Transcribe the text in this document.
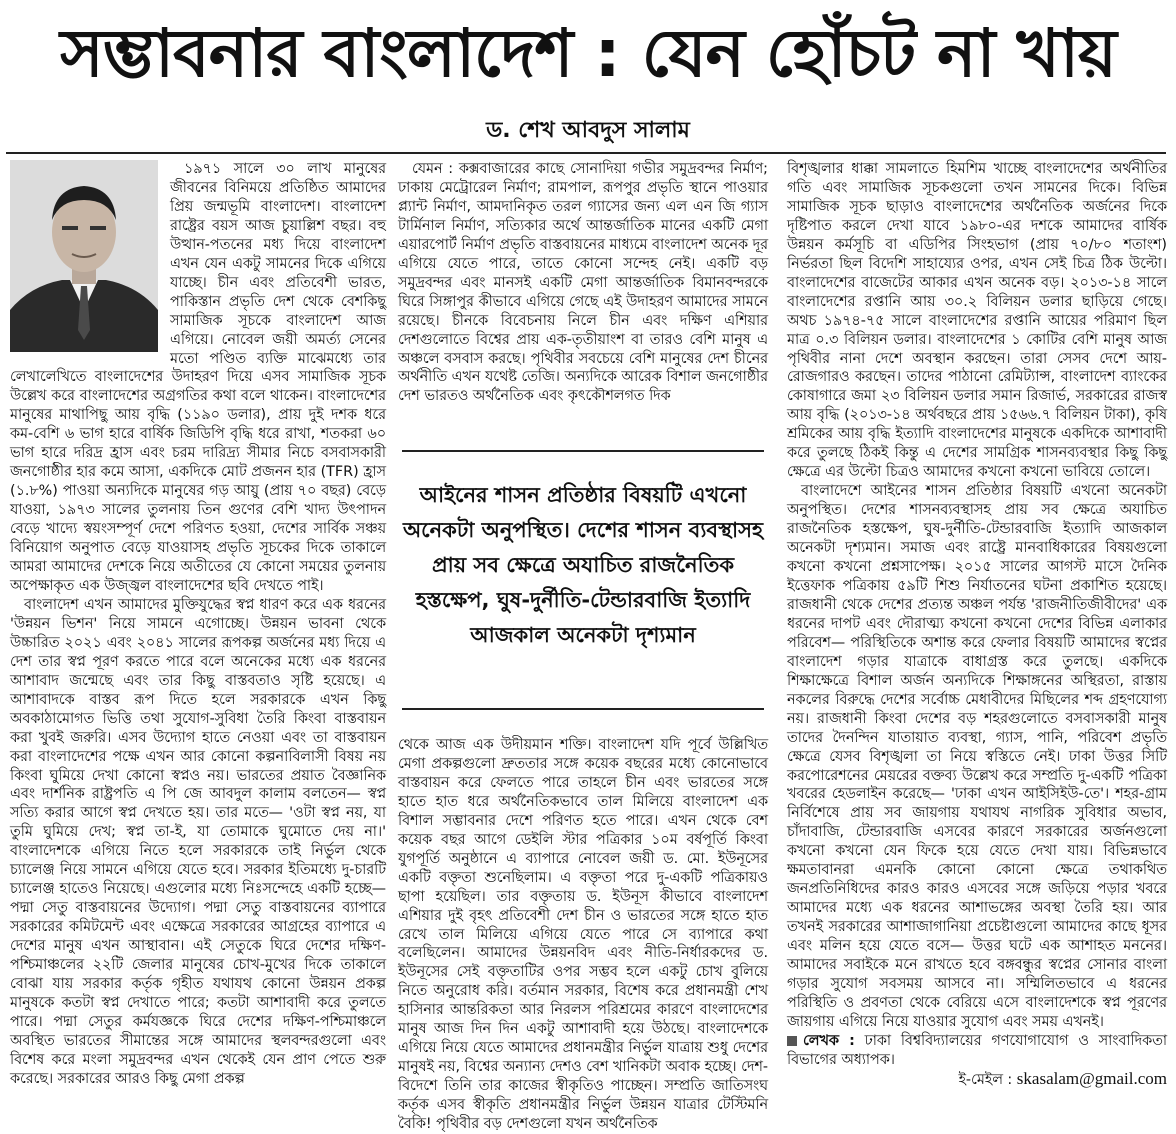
সম্ভাবনার বাংলাদেশ : যেন হোঁচট না খায়
ড. শেখ আবদুস সালাম

১৯৭১ সালে ৩০ লাখ মানুষের জীবনের বিনিময়ে প্রতিষ্ঠিত আমাদের প্রিয় জন্মভূমি বাংলাদেশ। বাংলাদেশ রাষ্ট্রের বয়স আজ চুয়াল্লিশ বছর। বহু উত্থান-পতনের মধ্য দিয়ে বাংলাদেশ এখন যেন একটু সামনের দিকে এগিয়ে যাচ্ছে। চীন এবং প্রতিবেশী ভারত, পাকিস্তান প্রভৃতি দেশ থেকে বেশকিছু সামাজিক সূচকে বাংলাদেশ আজ এগিয়ে। নোবেল জয়ী অমর্ত্য সেনের মতো পণ্ডিত ব্যক্তি মাঝেমধ্যে তার লেখালেখিতে বাংলাদেশের উদাহরণ দিয়ে এসব সামাজিক সূচক উল্লেখ করে বাংলাদেশের অগ্রগতির কথা বলে থাকেন। বাংলাদেশের মানুষের মাথাপিছু আয় বৃদ্ধি (১১৯০ ডলার), প্রায় দুই দশক ধরে কম-বেশি ৬ ভাগ হারে বার্ষিক জিডিপি বৃদ্ধি ধরে রাখা, শতকরা ৬০ ভাগ হারে দরিদ্র হ্রাস এবং চরম দারিদ্র্য সীমার নিচে বসবাসকারী জনগোষ্ঠীর হার কমে আসা, একদিকে মোট প্রজনন হার (TFR) হ্রাস (১.৮%) পাওয়া অন্যদিকে মানুষের গড় আয়ু (প্রায় ৭০ বছর) বেড়ে যাওয়া, ১৯৭৩ সালের তুলনায় তিন গুণের বেশি খাদ্য উৎপাদন বেড়ে খাদ্যে স্বয়ংসম্পূর্ণ দেশে পরিণত হওয়া, দেশের সার্বিক সঞ্চয় বিনিয়োগ অনুপাত বেড়ে যাওয়াসহ প্রভৃতি সূচকের দিকে তাকালে আমরা আমাদের দেশকে নিয়ে অতীতের যে কোনো সময়ের তুলনায় অপেক্ষাকৃত এক উজ্জ্বল বাংলাদেশের ছবি দেখতে পাই।

বাংলাদেশ এখন আমাদের মুক্তিযুদ্ধের স্বপ্ন ধারণ করে এক ধরনের 'উন্নয়ন ভিশন' নিয়ে সামনে এগোচ্ছে। উন্নয়ন ভাবনা থেকে উচ্চারিত ২০২১ এবং ২০৪১ সালের রূপকল্প অর্জনের মধ্য দিয়ে এ দেশ তার স্বপ্ন পূরণ করতে পারে বলে অনেকের মধ্যে এক ধরনের আশাবাদ জন্মেছে এবং তার কিছু বাস্তবতাও সৃষ্টি হয়েছে। এ আশাবাদকে বাস্তব রূপ দিতে হলে সরকারকে এখন কিছু অবকাঠামোগত ভিত্তি তথা সুযোগ-সুবিধা তৈরি কিংবা বাস্তবায়ন করা খুবই জরুরি। এসব উদ্যোগ হাতে নেওয়া এবং তা বাস্তবায়ন করা বাংলাদেশের পক্ষে এখন আর কোনো কল্পনাবিলাসী বিষয় নয় কিংবা ঘুমিয়ে দেখা কোনো স্বপ্নও নয়। ভারতের প্রয়াত বৈজ্ঞানিক এবং দার্শনিক রাষ্ট্রপতি এ পি জে আবদুল কালাম বলতেন— স্বপ্ন সত্যি করার আগে স্বপ্ন দেখতে হয়। তার মতে— 'ওটা স্বপ্ন নয়, যা তুমি ঘুমিয়ে দেখ; স্বপ্ন তা-ই, যা তোমাকে ঘুমোতে দেয় না।' বাংলাদেশকে এগিয়ে নিতে হলে সরকারকে তাই নির্ভুল থেকে চ্যালেঞ্জ নিয়ে সামনে এগিয়ে যেতে হবে। সরকার ইতিমধ্যে দু-চারটি চ্যালেঞ্জ হাতেও নিয়েছে। এগুলোর মধ্যে নিঃসন্দেহে একটি হচ্ছে— পদ্মা সেতু বাস্তবায়নের উদ্যোগ। পদ্মা সেতু বাস্তবায়নের ব্যাপারে সরকারের কমিটমেন্ট এবং এক্ষেত্রে সরকারের আগ্রহের ব্যাপারে এ দেশের মানুষ এখন আস্থাবান। এই সেতুকে ঘিরে দেশের দক্ষিণ-পশ্চিমাঞ্চলের ২২টি জেলার মানুষের চোখ-মুখের দিকে তাকালে বোঝা যায় সরকার কর্তৃক গৃহীত যথাযথ কোনো উন্নয়ন প্রকল্প মানুষকে কতটা স্বপ্ন দেখাতে পারে; কতটা আশাবাদী করে তুলতে পারে। পদ্মা সেতুর কর্মযজ্ঞকে ঘিরে দেশের দক্ষিণ-পশ্চিমাঞ্চলে অবস্থিত ভারতের সীমান্তের সঙ্গে আমাদের স্থলবন্দরগুলো এবং বিশেষ করে মংলা সমুদ্রবন্দর এখন থেকেই যেন প্রাণ পেতে শুরু করেছে। সরকারের আরও কিছু মেগা প্রকল্প

যেমন : কক্সবাজারের কাছে সোনাদিয়া গভীর সমুদ্রবন্দর নির্মাণ; ঢাকায় মেট্রোরেল নির্মাণ; রামপাল, রূপপুর প্রভৃতি স্থানে পাওয়ার প্ল্যান্ট নির্মাণ, আমদানিকৃত তরল গ্যাসের জন্য এল এন জি গ্যাস টার্মিনাল নির্মাণ, সত্যিকার অর্থে আন্তর্জাতিক মানের একটি মেগা এয়ারপোর্ট নির্মাণ প্রভৃতি বাস্তবায়নের মাধ্যমে বাংলাদেশ অনেক দূর এগিয়ে যেতে পারে, তাতে কোনো সন্দেহ নেই। একটি বড় সমুদ্রবন্দর এবং মানসই একটি মেগা আন্তর্জাতিক বিমানবন্দরকে ঘিরে সিঙ্গাপুর কীভাবে এগিয়ে গেছে এই উদাহরণ আমাদের সামনে রয়েছে। চীনকে বিবেচনায় নিলে চীন এবং দক্ষিণ এশিয়ার দেশগুলোতে বিশ্বের প্রায় এক-তৃতীয়াংশ বা তারও বেশি মানুষ এ অঞ্চলে বসবাস করছে। পৃথিবীর সবচেয়ে বেশি মানুষের দেশ চীনের অর্থনীতি এখন যথেষ্ট তেজি। অন্যদিকে আরেক বিশাল জনগোষ্ঠীর দেশ ভারতও অর্থনৈতিক এবং কৃৎকৌশলগত দিক

আইনের শাসন প্রতিষ্ঠার বিষয়টি এখনো অনেকটা অনুপস্থিত। দেশের শাসন ব্যবস্থাসহ প্রায় সব ক্ষেত্রে অযাচিত রাজনৈতিক হস্তক্ষেপ, ঘুষ-দুর্নীতি-টেন্ডারবাজি ইত্যাদি আজকাল অনেকটা দৃশ্যমান

থেকে আজ এক উদীয়মান শক্তি। বাংলাদেশ যদি পূর্বে উল্লিখিত মেগা প্রকল্পগুলো দ্রুততার সঙ্গে কয়েক বছরের মধ্যে কোনোভাবে বাস্তবায়ন করে ফেলতে পারে তাহলে চীন এবং ভারতের সঙ্গে হাতে হাত ধরে অর্থনৈতিকভাবে তাল মিলিয়ে বাংলাদেশ এক বিশাল সম্ভাবনার দেশে পরিণত হতে পারে। এখন থেকে বেশ কয়েক বছর আগে ডেইলি স্টার পত্রিকার ১০ম বর্ষপূর্তি কিংবা যুগপূর্তি অনুষ্ঠানে এ ব্যাপারে নোবেল জয়ী ড. মো. ইউনূসের একটি বক্তৃতা শুনেছিলাম। এ বক্তৃতা পরে দু-একটি পত্রিকায়ও ছাপা হয়েছিল। তার বক্তৃতায় ড. ইউনূস কীভাবে বাংলাদেশ এশিয়ার দুই বৃহৎ প্রতিবেশী দেশ চীন ও ভারতের সঙ্গে হাতে হাত রেখে তাল মিলিয়ে এগিয়ে যেতে পারে সে ব্যাপারে কথা বলেছিলেন। আমাদের উন্নয়নবিদ এবং নীতি-নির্ধারকদের ড. ইউনূসের সেই বক্তৃতাটির ওপর সম্ভব হলে একটু চোখ বুলিয়ে নিতে অনুরোধ করি। বর্তমান সরকার, বিশেষ করে প্রধানমন্ত্রী শেখ হাসিনার আন্তরিকতা আর নিরলস পরিশ্রমের কারণে বাংলাদেশের মানুষ আজ দিন দিন একটু আশাবাদী হয়ে উঠছে। বাংলাদেশকে এগিয়ে নিয়ে যেতে আমাদের প্রধানমন্ত্রীর নির্ভুল যাত্রায় শুধু দেশের মানুষই নয়, বিশ্বের অন্যান্য দেশও বেশ খানিকটা অবাক হচ্ছে। দেশ-বিদেশে তিনি তার কাজের স্বীকৃতিও পাচ্ছেন। সম্প্রতি জাতিসংঘ কর্তৃক এসব স্বীকৃতি প্রধানমন্ত্রীর নির্ভুল উন্নয়ন যাত্রার টেস্টিমনি বৈকি! পৃথিবীর বড় দেশগুলো যখন অর্থনৈতিক

বিশৃঙ্খলার ধাক্কা সামলাতে হিমশিম খাচ্ছে বাংলাদেশের অর্থনীতির গতি এবং সামাজিক সূচকগুলো তখন সামনের দিকে। বিভিন্ন সামাজিক সূচক ছাড়াও বাংলাদেশের অর্থনৈতিক অর্জনের দিকে দৃষ্টিপাত করলে দেখা যাবে ১৯৮০-এর দশকে আমাদের বার্ষিক উন্নয়ন কর্মসূচি বা এডিপির সিংহভাগ (প্রায় ৭০/৮০ শতাংশ) নির্ভরতা ছিল বিদেশি সাহায্যের ওপর, এখন সেই চিত্র ঠিক উল্টো। বাংলাদেশের বাজেটের আকার এখন অনেক বড়। ২০১৩-১৪ সালে বাংলাদেশের রপ্তানি আয় ৩০.২ বিলিয়ন ডলার ছাড়িয়ে গেছে। অথচ ১৯৭৪-৭৫ সালে বাংলাদেশের রপ্তানি আয়ের পরিমাণ ছিল মাত্র ০.৩ বিলিয়ন ডলার। বাংলাদেশের ১ কোটির বেশি মানুষ আজ পৃথিবীর নানা দেশে অবস্থান করছেন। তারা সেসব দেশে আয়-রোজগারও করছেন। তাদের পাঠানো রেমিট্যান্স, বাংলাদেশ ব্যাংকের কোষাগারে জমা ২৩ বিলিয়ন ডলার সমান রিজার্ভ, সরকারের রাজস্ব আয় বৃদ্ধি (২০১৩-১৪ অর্থবছরে প্রায় ১৫৬৬.৭ বিলিয়ন টাকা), কৃষি শ্রমিকের আয় বৃদ্ধি ইত্যাদি বাংলাদেশের মানুষকে একদিকে আশাবাদী করে তুলছে ঠিকই কিন্তু এ দেশের সামগ্রিক শাসনব্যবস্থার কিছু কিছু ক্ষেত্রে এর উল্টো চিত্রও আমাদের কখনো কখনো ভাবিয়ে তোলে।

বাংলাদেশে আইনের শাসন প্রতিষ্ঠার বিষয়টি এখনো অনেকটা অনুপস্থিত। দেশের শাসনব্যবস্থাসহ প্রায় সব ক্ষেত্রে অযাচিত রাজনৈতিক হস্তক্ষেপ, ঘুষ-দুর্নীতি-টেন্ডারবাজি ইত্যাদি আজকাল অনেকটা দৃশ্যমান। সমাজ এবং রাষ্ট্রে মানবাধিকারের বিষয়গুলো কখনো কখনো প্রশ্নসাপেক্ষ। ২০১৫ সালের আগস্ট মাসে দৈনিক ইত্তেফাক পত্রিকায় ৫৯টি শিশু নির্যাতনের ঘটনা প্রকাশিত হয়েছে। রাজধানী থেকে দেশের প্রত্যন্ত অঞ্চল পর্যন্ত 'রাজনীতিজীবীদের' এক ধরনের দাপট এবং দৌরাত্ম্য কখনো কখনো দেশের বিভিন্ন এলাকার পরিবেশ— পরিস্থিতিকে অশান্ত করে ফেলার বিষয়টি আমাদের স্বপ্নের বাংলাদেশ গড়ার যাত্রাকে বাধাগ্রস্ত করে তুলছে। একদিকে শিক্ষাক্ষেত্রে বিশাল অর্জন অন্যদিকে শিক্ষাঙ্গনের অস্থিরতা, রাস্তায় নকলের বিরুদ্ধে দেশের সর্বোচ্চ মেধাবীদের মিছিলের শব্দ গ্রহণযোগ্য নয়। রাজধানী কিংবা দেশের বড় শহরগুলোতে বসবাসকারী মানুষ তাদের দৈনন্দিন যাতায়াত ব্যবস্থা, গ্যাস, পানি, পরিবেশ প্রভৃতি ক্ষেত্রে যেসব বিশৃঙ্খলা তা নিয়ে স্বস্তিতে নেই। ঢাকা উত্তর সিটি করপোরেশনের মেয়রের বক্তব্য উল্লেখ করে সম্প্রতি দু-একটি পত্রিকা খবরের হেডলাইন করেছে— 'ঢাকা এখন আইসিইউ-তে'। শহর-গ্রাম নির্বিশেষে প্রায় সব জায়গায় যথাযথ নাগরিক সুবিধার অভাব, চাঁদাবাজি, টেন্ডারবাজি এসবের কারণে সরকারের অর্জনগুলো কখনো কখনো যেন ফিকে হয়ে যেতে দেখা যায়। বিভিন্নভাবে ক্ষমতাবানরা এমনকি কোনো কোনো ক্ষেত্রে তথাকথিত জনপ্রতিনিধিদের কারও কারও এসবের সঙ্গে জড়িয়ে পড়ার খবরে আমাদের মধ্যে এক ধরনের আশাভঙ্গের অবস্থা তৈরি হয়। আর তখনই সরকারের আশাজাগানিয়া প্রচেষ্টাগুলো আমাদের কাছে ধূসর এবং মলিন হয়ে যেতে বসে— উত্তর ঘটে এক আশাহত মননের। আমাদের সবাইকে মনে রাখতে হবে বঙ্গবন্ধুর স্বপ্নের সোনার বাংলা গড়ার সুযোগ সবসময় আসবে না। সম্মিলিতভাবে এ ধরনের পরিস্থিতি ও প্রবণতা থেকে বেরিয়ে এসে বাংলাদেশকে স্বপ্ন পূরণের জায়গায় এগিয়ে নিয়ে যাওয়ার সুযোগ এবং সময় এখনই।

লেখক : ঢাকা বিশ্ববিদ্যালয়ের গণযোগাযোগ ও সাংবাদিকতা বিভাগের অধ্যাপক।

ই-মেইল : skasalam@gmail.com
